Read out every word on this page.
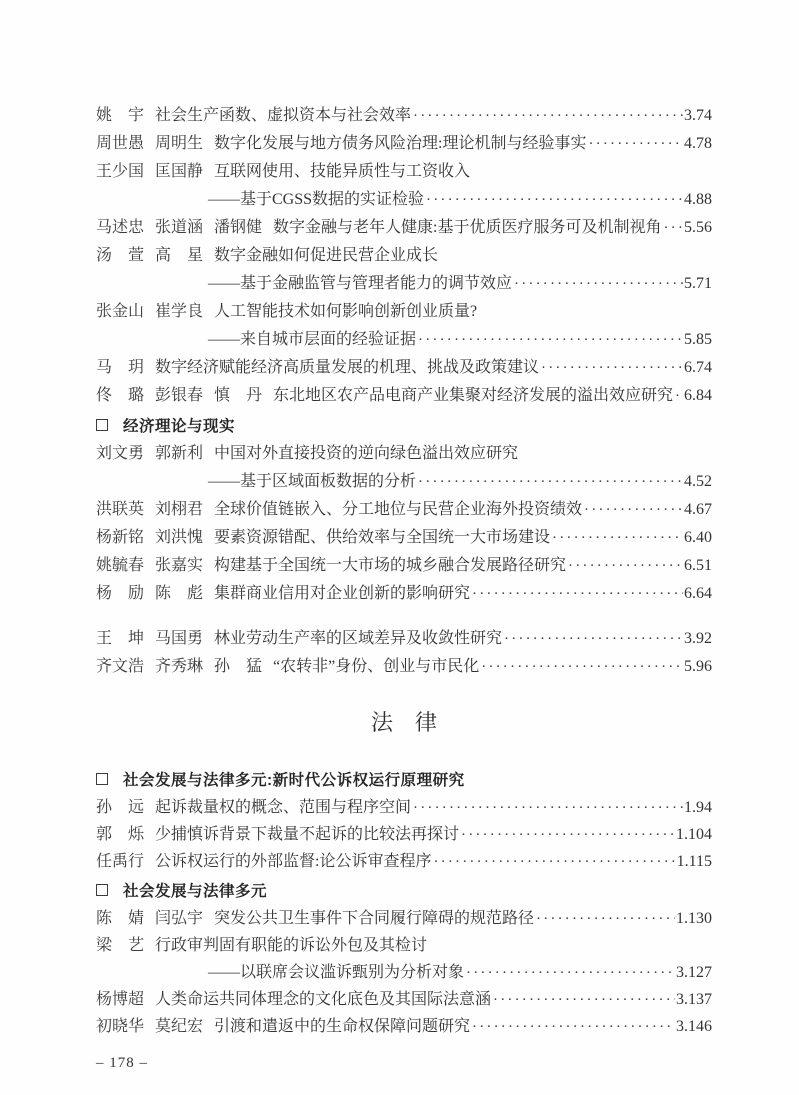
姚　宇 社会生产函数、虚拟资本与社会效率 ·····	3.74
周世愚 周明生 数字化发展与地方债务风险治理:理论机制与经验事实 ·····	4.78
王少国 匡国静 互联网使用、技能异质性与工资收入
——基于CGSS数据的实证检验 ·····	4.88
马述忠 张道涵 潘钢健 数字金融与老年人健康:基于优质医疗服务可及机制视角 ····· 5.56
汤　萱 高　星 数字金融如何促进民营企业成长
——基于金融监管与管理者能力的调节效应 ·····	5.71
张金山 崔学良 人工智能技术如何影响创新创业质量?
——来自城市层面的经验证据 ·····	5.85
马　玥 数字经济赋能经济高质量发展的机理、挑战及政策建议 ·····	6.74
佟　璐 彭银春 慎　丹 东北地区农产品电商产业集聚对经济发展的溢出效应研究 ····· 6.84
经济理论与现实
刘文勇 郭新利 中国对外直接投资的逆向绿色溢出效应研究
——基于区域面板数据的分析 ·····	4.52
洪联英 刘栩君 全球价值链嵌入、分工地位与民营企业海外投资绩效 ·····	4.67
杨新铭 刘洪愧 要素资源错配、供给效率与全国统一大市场建设 ·····	6.40
姚毓春 张嘉实 构建基于全国统一大市场的城乡融合发展路径研究 ·····	6.51
杨　励 陈　彪 集群商业信用对企业创新的影响研究 ·····	6.64
王　坤 马国勇 林业劳动生产率的区域差异及收敛性研究 ·····	3.92
齐文浩 齐秀琳 孙　猛 “农转非”身份、创业与市民化 ·····	5.96
法　律
社会发展与法律多元:新时代公诉权运行原理研究
孙　远 起诉裁量权的概念、范围与程序空间 ·····	1.94
郭　烁 少捕慎诉背景下裁量不起诉的比较法再探讨 ·····	1.104
任禹行 公诉权运行的外部监督:论公诉审查程序 ·····	1.115
社会发展与法律多元
陈　婧 闫弘宇 突发公共卫生事件下合同履行障碍的规范路径 ·····	1.130
梁　艺 行政审判固有职能的诉讼外包及其检讨
——以联席会议滥诉甄别为分析对象 ·····	3.127
杨博超 人类命运共同体理念的文化底色及其国际法意涵 ·····	3.137
初晓华 莫纪宏 引渡和遣返中的生命权保障问题研究 ·····	3.146
– 178 –
